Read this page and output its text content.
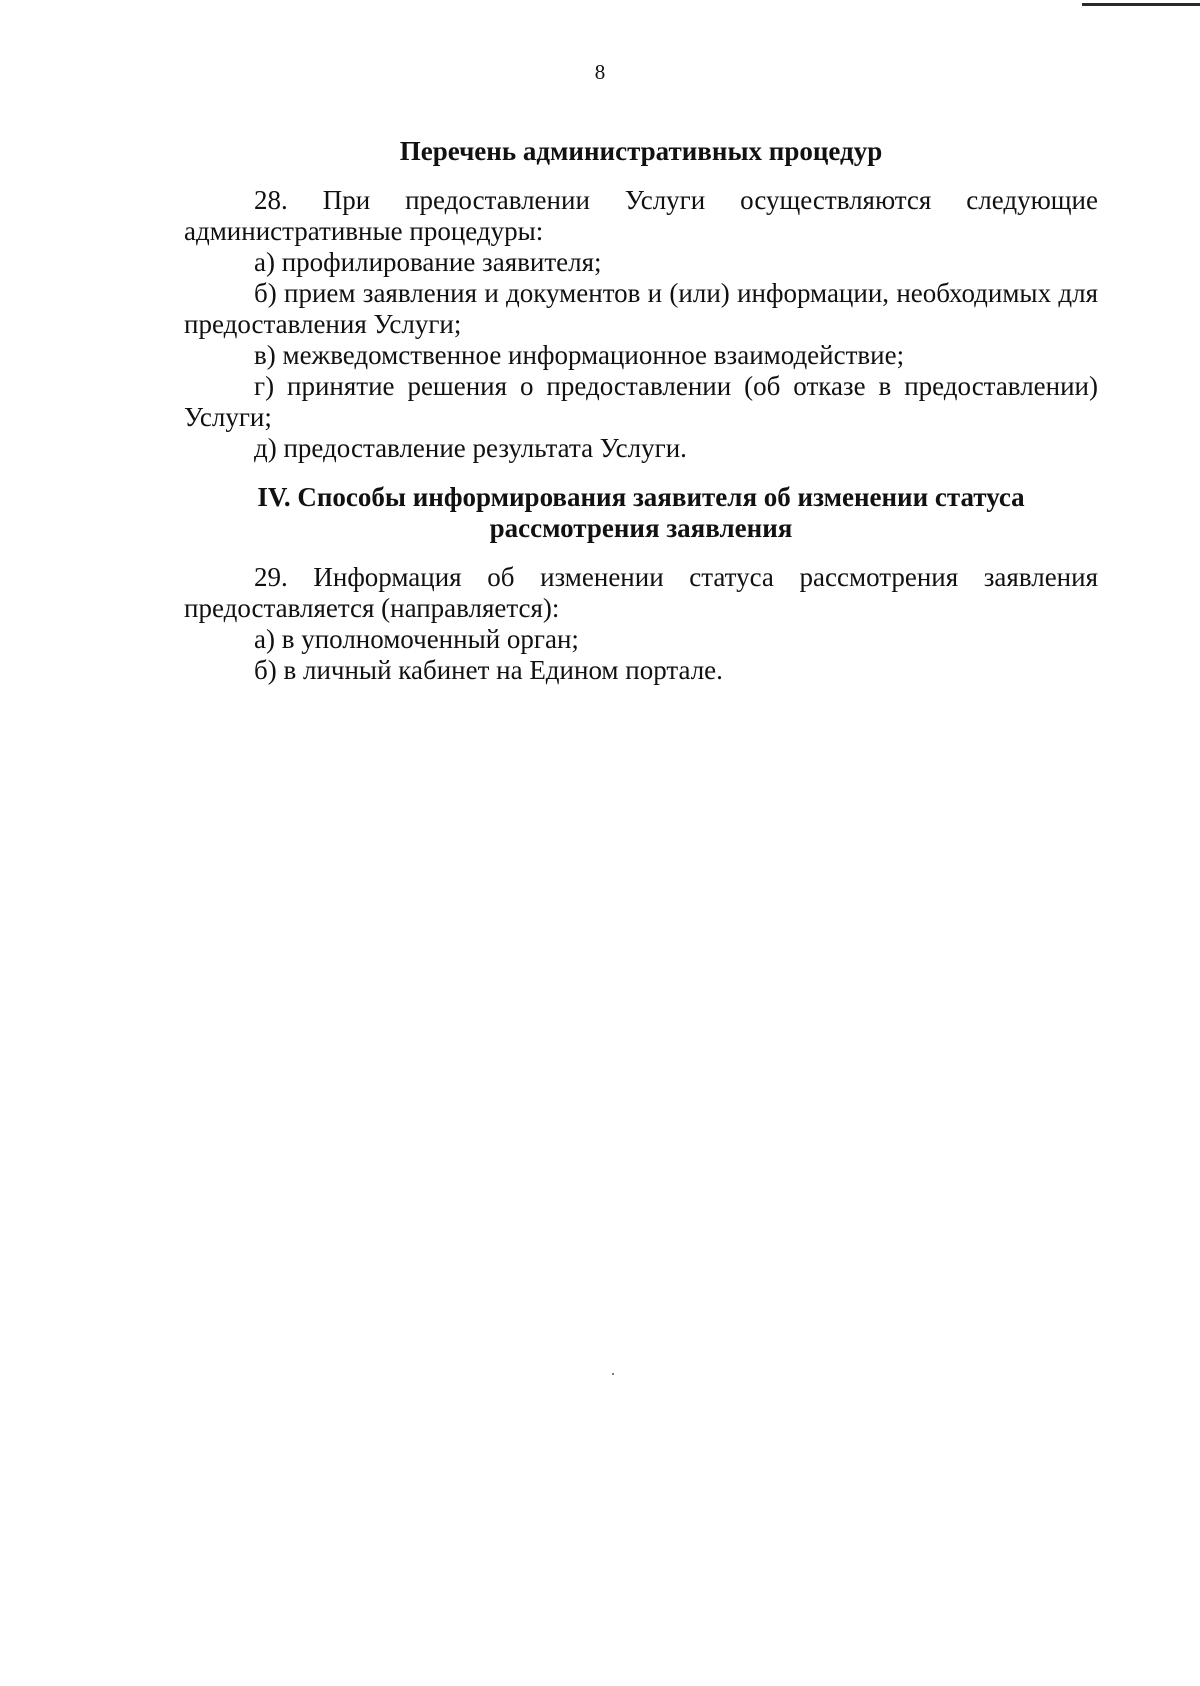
8
Перечень административных процедур

28. При предоставлении Услуги осуществляются следующие административные процедуры:

а) профилирование заявителя;

б) прием заявления и документов и (или) информации, необходимых для предоставления Услуги;

в) межведомственное информационное взаимодействие;

г) принятие решения о предоставлении (об отказе в предоставлении) Услуги;

д) предоставление результата Услуги.

IV. Способы информирования заявителя об изменении статуса рассмотрения заявления

29. Информация об изменении статуса рассмотрения заявления предоставляется (направляется):

а) в уполномоченный орган;

б) в личный кабинет на Едином портале.
